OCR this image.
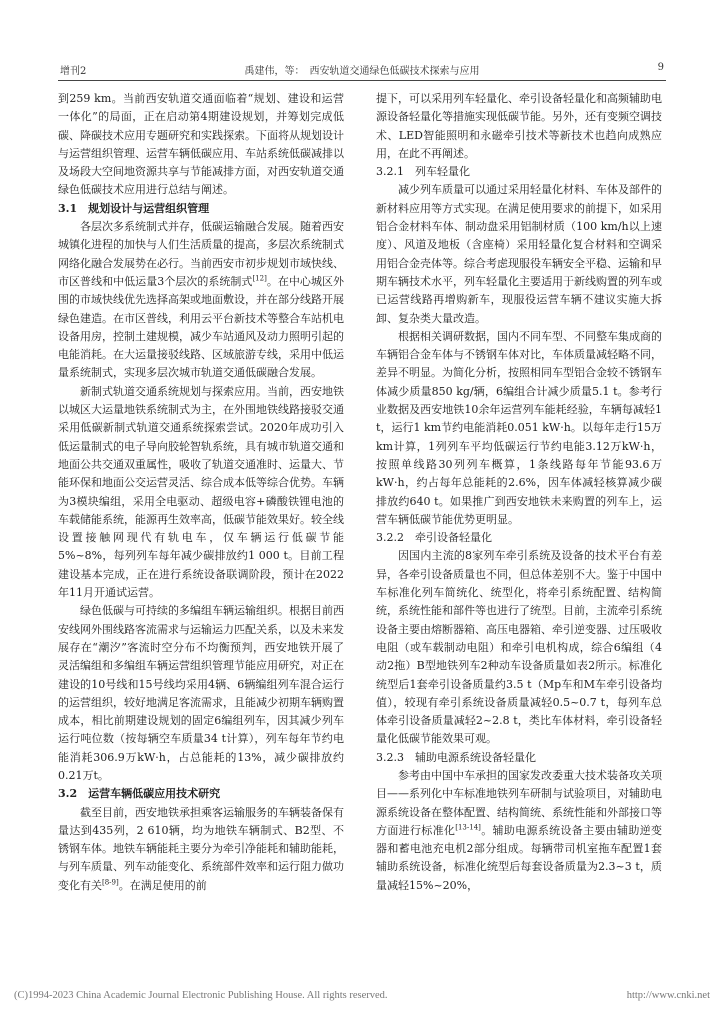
增刊2	禹建伟，等：　西安轨道交通绿色低碳技术探索与应用	9

到259 km。当前西安轨道交通面临着“规划、建设和运营一体化”的局面，正在启动第4期建设规划，并筹划完成低碳、降碳技术应用专题研究和实践探索。下面将从规划设计与运营组织管理、运营车辆低碳应用、车站系统低碳减排以及场段大空间地资源共享与节能减排方面，对西安轨道交通绿色低碳技术应用进行总结与阐述。

3.1　规划设计与运营组织管理

各层次多系统制式并存，低碳运输融合发展。随着西安城镇化进程的加快与人们生活质量的提高，多层次系统制式网络化融合发展势在必行。当前西安市初步规划市域快线、市区普线和中低运量3个层次的系统制式[12]。在中心城区外围的市域快线优先选择高架或地面敷设，并在部分线路开展绿色建造。在市区普线，利用云平台新技术等整合车站机电设备用房，控制土建规模，减少车站通风及动力照明引起的电能消耗。在大运量接驳线路、区域旅游专线，采用中低运量系统制式，实现多层次城市轨道交通低碳融合发展。

新制式轨道交通系统规划与探索应用。当前，西安地铁以城区大运量地铁系统制式为主，在外围地铁线路接驳交通采用低碳新制式轨道交通系统探索尝试。2020年成功引入低运量制式的电子导向胶轮智轨系统，具有城市轨道交通和地面公共交通双重属性，吸收了轨道交通准时、运量大、节能环保和地面公交运营灵活、综合成本低等综合优势。车辆为3模块编组，采用全电驱动、超级电容+磷酸铁锂电池的车载储能系统，能源再生效率高，低碳节能效果好。较全线设置接触网现代有轨电车，仅车辆运行低碳节能5%~8%，每列列车每年减少碳排放约1 000 t。目前工程建设基本完成，正在进行系统设备联调阶段，预计在2022年11月开通试运营。

绿色低碳与可持续的多编组车辆运输组织。根据目前西安线网外围线路客流需求与运输运力匹配关系，以及未来发展存在“潮汐”客流时空分布不均衡预判，西安地铁开展了灵活编组和多编组车辆运营组织管理节能应用研究，对正在建设的10号线和15号线均采用4辆、6辆编组列车混合运行的运营组织，较好地满足客流需求，且能减少初期车辆购置成本，相比前期建设规划的固定6编组列车，因其减少列车运行吨位数（按每辆空车质量34 t计算），列车每年节约电能消耗306.9万kW·h，占总能耗的13%，减少碳排放约0.21万t。

3.2　运营车辆低碳应用技术研究

截至目前，西安地铁承担乘客运输服务的车辆装备保有量达到435列，2 610辆，均为地铁车辆制式、B2型、不锈钢车体。地铁车辆能耗主要分为牵引净能耗和辅助能耗，与列车质量、列车动能变化、系统部件效率和运行阻力做功变化有关[8-9]。在满足使用的前

提下，可以采用列车轻量化、牵引设备轻量化和高频辅助电源设备轻量化等措施实现低碳节能。另外，还有变频空调技术、LED智能照明和永磁牵引技术等新技术也趋向成熟应用，在此不再阐述。

3.2.1　列车轻量化

减少列车质量可以通过采用轻量化材料、车体及部件的新材料应用等方式实现。在满足使用要求的前提下，如采用铝合金材料车体、制动盘采用铝制材质（100 km/h以上速度）、风道及地板（含座椅）采用轻量化复合材料和空调采用铝合金壳体等。综合考虑现服役车辆安全平稳、运输和早期车辆技术水平，列车轻量化主要适用于新线购置的列车或已运营线路再增购新车，现服役运营车辆不建议实施大拆卸、复杂类大量改造。

根据相关调研数据，国内不同车型、不同整车集成商的车辆铝合金车体与不锈钢车体对比，车体质量减轻略不同，差异不明显。为简化分析，按照相同车型铝合金较不锈钢车体减少质量850 kg/辆，6编组合计减少质量5.1 t。参考行业数据及西安地铁10余年运营列车能耗经验，车辆每减轻1 t，运行1 km节约电能消耗0.051 kW·h。以每年走行15万km计算，1列列车平均低碳运行节约电能3.12万kW·h，按照单线路30列列车概算，1条线路每年节能93.6万kW·h，约占每年总能耗的2.6%，因车体减轻核算减少碳排放约640 t。如果推广到西安地铁未来购置的列车上，运营车辆低碳节能优势更明显。

3.2.2　牵引设备轻量化

因国内主流的8家列车牵引系统及设备的技术平台有差异，各牵引设备质量也不同，但总体差别不大。鉴于中国中车标准化列车简统化、统型化，将牵引系统配置、结构简统，系统性能和部件等也进行了统型。目前，主流牵引系统设备主要由熔断器箱、高压电器箱、牵引逆变器、过压吸收电阻（或车载制动电阻）和牵引电机构成，综合6编组（4动2拖）B型地铁列车2种动车设备质量如表2所示。标准化统型后1套牵引设备质量约3.5 t（Mp车和M车牵引设备均值），较现有牵引系统设备质量减轻0.5~0.7 t，每列车总体牵引设备质量减轻2~2.8 t，类比车体材料，牵引设备轻量化低碳节能效果可观。

3.2.3　辅助电源系统设备轻量化

参考由中国中车承担的国家发改委重大技术装备攻关项目——系列化中车标准地铁列车研制与试验项目，对辅助电源系统设备在整体配置、结构简统、系统性能和外部接口等方面进行标准化[13-14]。辅助电源系统设备主要由辅助逆变器和蓄电池充电机2部分组成。每辆带司机室拖车配置1套辅助系统设备，标准化统型后每套设备质量为2.3~3 t，质量减轻15%~20%，

(C)1994-2023 China Academic Journal Electronic Publishing House. All rights reserved.	http://www.cnki.net
